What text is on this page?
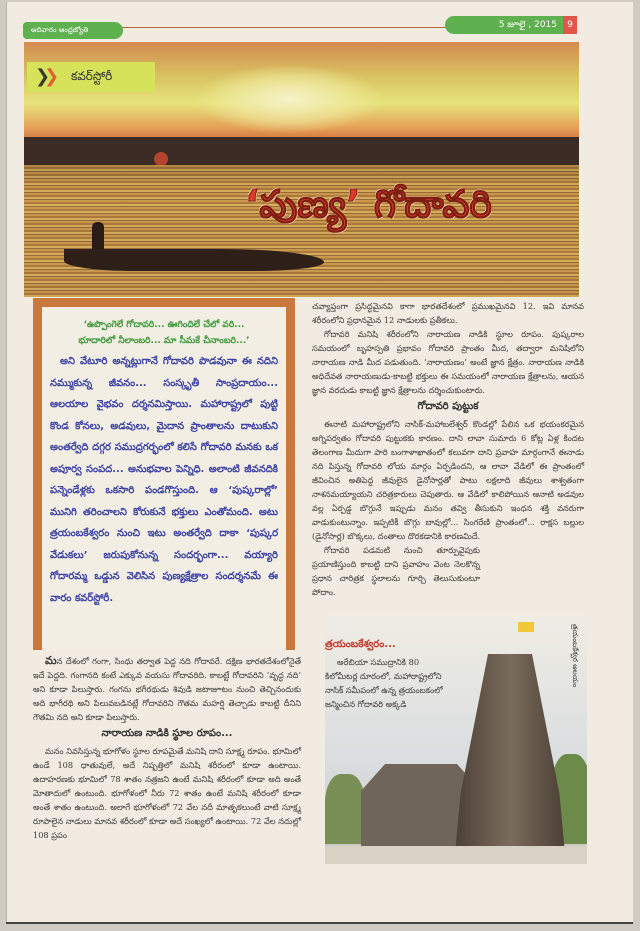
ఆదివారం ఆంధ్రజ్యోతి	5 జూలై , 2015	9
❯❯ కవర్‌స్టోరీ
‘పుణ్య’ గోదావరి
‘ఉప్పొంగెలే గోదావరి... ఊగిందిలే చేలో వరి...
భూదారిలో నీలాంబరి... మా సీమకే చీనాంబరి...’
అని వేటూరి అన్నట్లుగానే గోదావరి పొడవునా ఈ నదిని నమ్ముకున్న జీవనం... సంస్కృతీ సాంప్రదాయం... ఆలయాల వైభవం దర్శనమిస్తాయి. మహారాష్ట్రలో పుట్టి కొండ కోనలు, అడవులు, మైదాన ప్రాంతాలను దాటుకుని అంతర్వేది దగ్గర సముద్రగర్భంలో కలిసే గోదావరి మనకు ఒక అపూర్వ సంపద... అనుభవాల పెన్నిధి. అలాంటి జీవనదికి పన్నెండేళ్లకు ఒకసారి పండగొస్తుంది. ఆ ‘పుష్కరాల్లో’ మునిగి తరించాలని కోరుకునే భక్తులు ఎంతోమంది. అటు త్రయంబకేశ్వరం నుంచి ఇటు అంతర్వేది దాకా ‘పుష్కర వేడుకలు’ జరుపుకోనున్న సందర్భంగా... వయ్యారి గోదారమ్మ ఒడ్డున వెలిసిన పుణ్యక్షేత్రాల సందర్శనమే ఈ వారం కవర్‌స్టోరీ.

మన దేశంలో గంగా, సింధు తర్వాత పెద్ద నది గోదావరే. దక్షిణ భారతదేశంలోనైతే ఇదే పెద్దది. గంగానది కంటే ఎక్కువ వయసు గోదావరిది. కాబట్టే గోదావరిని ‘వృద్ధ నది’ అని కూడా పిలుస్తారు. గంగను భగీరథుడు శివుడి జటాజూటం నుంచి తెచ్చినందుకు అది భాగీరథి అని పిలువబడినట్లే గోదావరిని గౌతమ మహర్షి తెచ్చాడు కాబట్టి దీనిని గౌతమి నది అని కూడా పిలుస్తారు.

నారాయణ నాడికి స్థూల రూపం...

మనం నివసిస్తున్న భూగోళం స్థూల రూపమైతే మనిషి దాని సూక్ష్మ రూపం. భూమిలో ఉండే 108 ధాతువులే, అదే నిష్పత్తిలో మనిషి శరీరంలో కూడా ఉంటాయి. ఉదాహరణకు భూమిలో 78 శాతం నత్రజని ఉంటే మనిషి శరీరంలో కూడా అది అంతే మోతాదులో ఉంటుంది. భూగోళంలో నీరు 72 శాతం ఉంటే మనిషి శరీరంలో కూడా అంతే శాతం ఉంటుంది. అలాగే భూగోళంలో 72 వేల నదీ మాతృకలుంటే వాటి సూక్ష్మ రూపాలైన నాడులు మానవ శరీరంలో కూడా అదే సంఖ్యలో ఉంటాయి. 72 వేల నదుల్లో 108 ప్రపం

చవ్యాప్తంగా ప్రసిద్ధమైనవి కాగా భారతదేశంలో ప్రముఖమైనవి 12. ఇవి మానవ శరీరంలోని ప్రధానమైన 12 నాడులకు ప్రతీకలు.

గోదావరి మనిషి శరీరంలోని నారాయణ నాడికి స్థూల రూపం. పుష్కరాల సమయంలో బృహస్పతి ప్రభావం గోదావరి ప్రాంతం మీద, తద్వారా మనిషిలోని నారాయణ నాడి మీద పడుతుంది. ‘నారాయణం’ అంటే జ్ఞాన క్షేత్రం. నారాయణ నాడికి అధిదేవత నారాయణుడు-కాబట్టి భక్తులు ఈ సమయంలో నారాయణ క్షేత్రాలను, ఆయన జ్ఞాన వరదుడు కాబట్టి జ్ఞాన క్షేత్రాలను దర్శించుకుంటారు.

గోదావరి పుట్టుక

ఈనాటి మహారాష్ట్రలోని నాసిక్-మహాబలేశ్వర్ కొండల్లో పేలిన ఒక భయంకరమైన అగ్నిపర్వతం గోదావరి పుట్టుకకు కారణం. దాని లావా సుమారు 6 కోట్ల ఏళ్ల కిందట తెలంగాణ మీదుగా పారి బంగాళాఖాతంలో కలువగా దాని ప్రవాహ మార్గంగానే ఈనాడు నది పిస్తున్న గోదావరి లోయ మార్గం ఏర్పడిందని, ఆ లావా వేడిలో ఈ ప్రాంతంలో జీవించిన అతిపెద్ద జీవులైన డైనోసార్లతో పాటు లక్షలాది జీవులు శాశ్వతంగా నాశనమయ్యాయని చరిత్రకారులు చెపుతారు. ఆ వేడిలో కాలిపోయిన ఆనాటి అడవుల వల్ల ఏర్పడ్డ బొగ్గునే ఇప్పుడు మనం తవ్వి తీసుకుని ఇంధన శక్తి వనరుగా వాడుకుంటున్నాం. ఇప్పటికీ బొగ్గు బావుల్లో... సింగరేణి ప్రాంతంలో... రాక్షస బల్లుల (డైనోసార్ల) బొక్కలు, దంతాలు దొరకడానికి కారణమిదే.

గోదావరి పడమటి నుంచి తూర్పువైపుకు ప్రయాణిస్తుంది కాబట్టి దాని ప్రవాహం వెంట నెలకొన్న ప్రధాన చారిత్రక స్థలాలను గూర్చి తెలుసుకుంటూ పోదాం.

త్రయంబకేశ్వరం...

అరేబియా సముద్రానికి 80 కిలోమీటర్ల దూరంలో, మహారాష్ట్రలోని నాసిక్ సమీపంలో ఉన్న త్రయంబకంలో జన్మించిన గోదావరి అక్కడి

త్రయంబకేశ్వర ఆలయం
